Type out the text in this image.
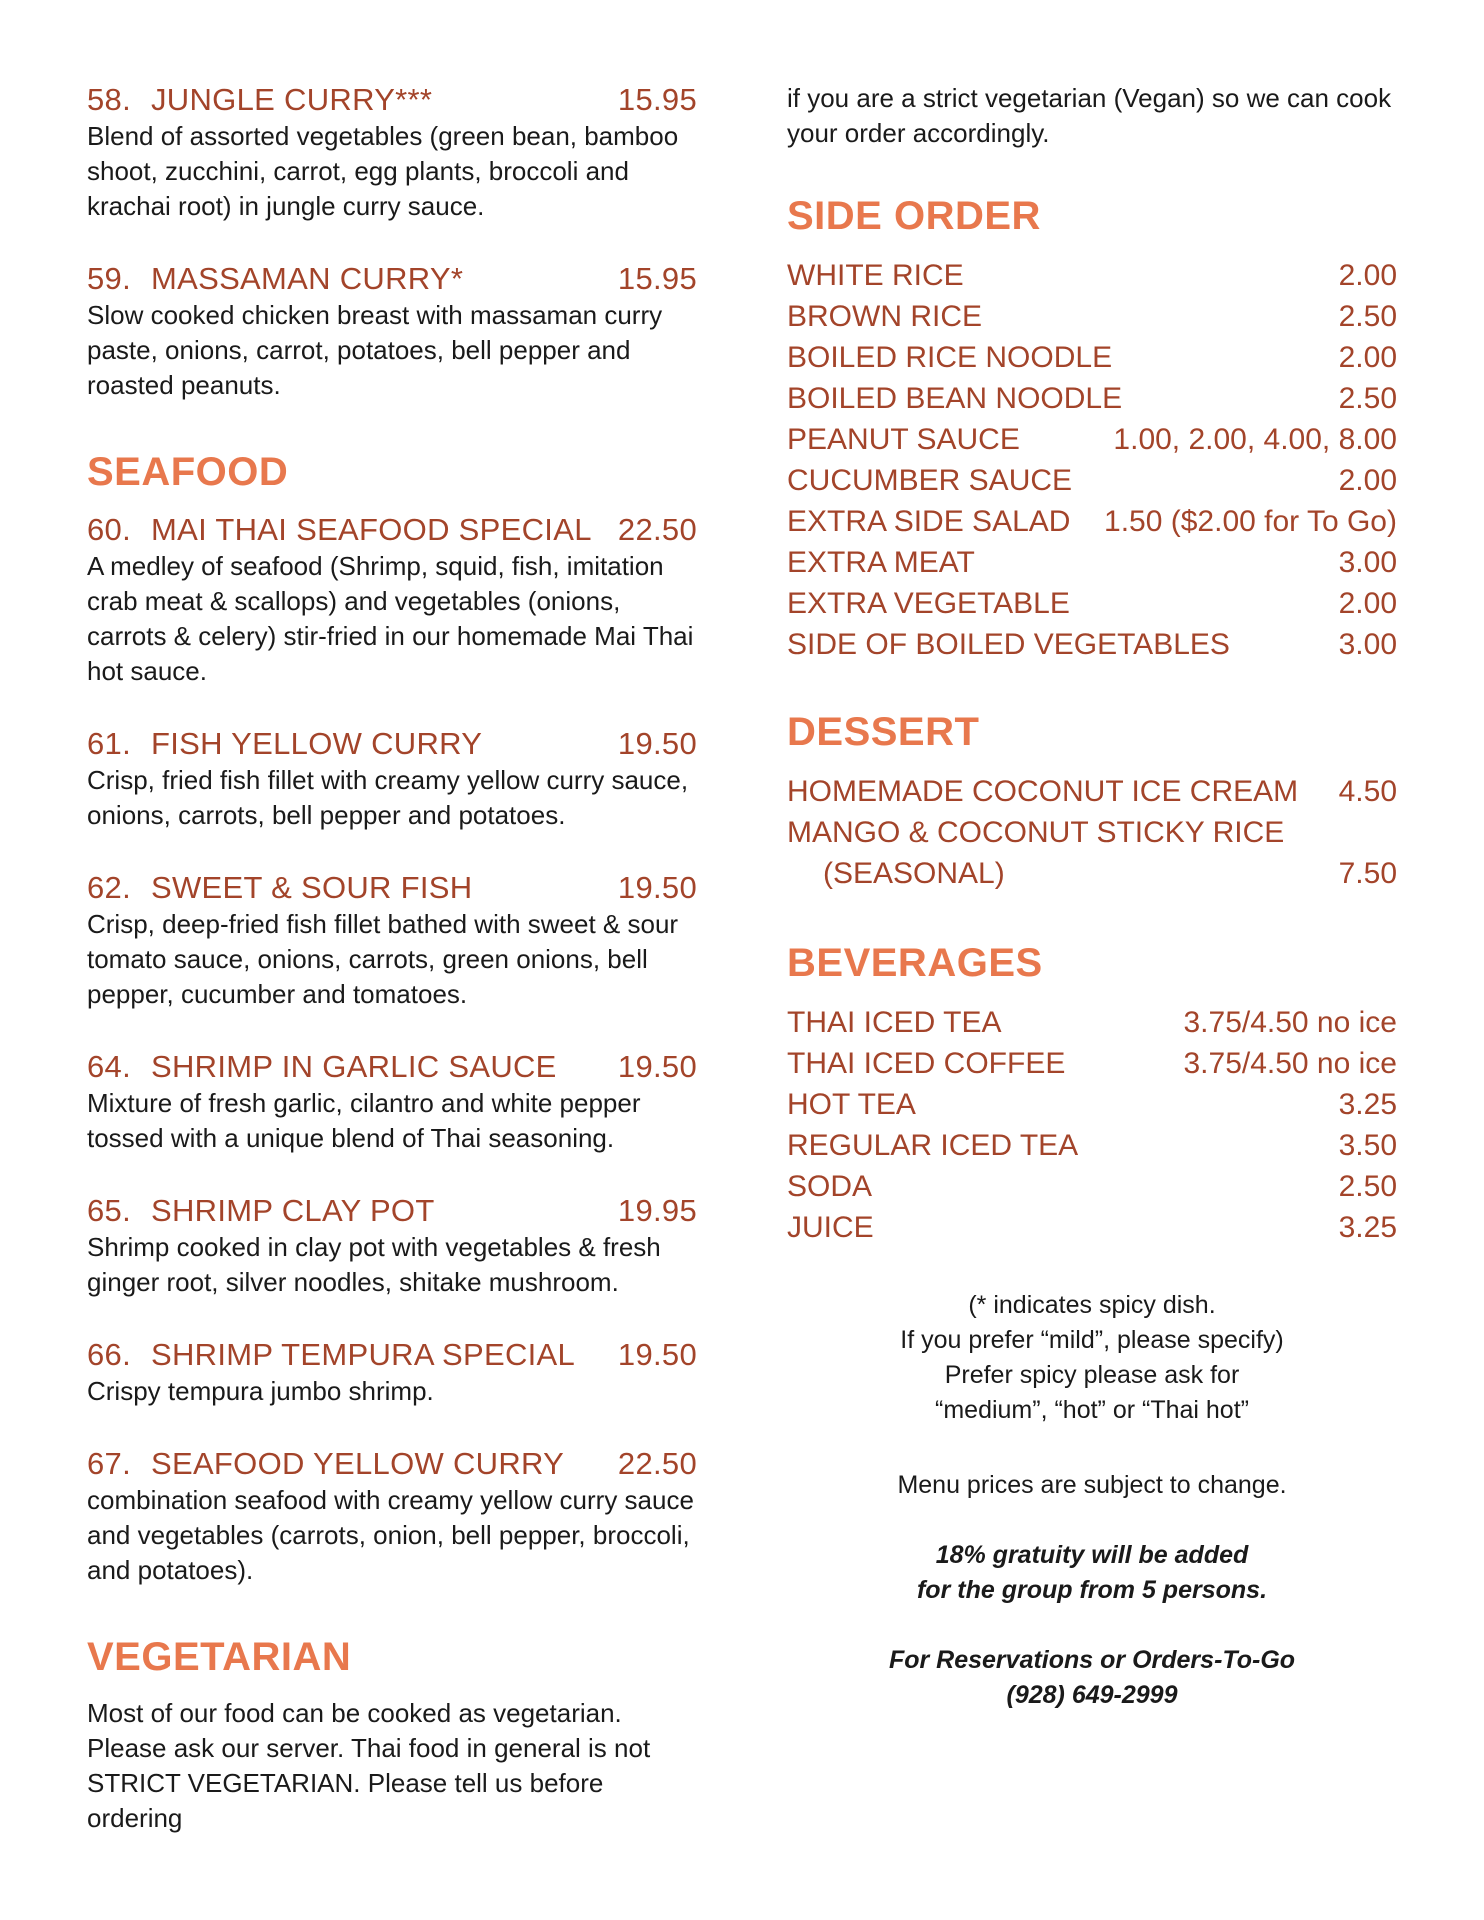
58. JUNGLE CURRY***	15.95
Blend of assorted vegetables (green bean, bamboo shoot, zucchini, carrot, egg plants, broccoli and krachai root) in jungle curry sauce.
59. MASSAMAN CURRY*	15.95
Slow cooked chicken breast with massaman curry paste, onions, carrot, potatoes, bell pepper and roasted peanuts.
SEAFOOD
60. MAI THAI SEAFOOD SPECIAL 22.50
A medley of seafood (Shrimp, squid, fish, imitation crab meat & scallops) and vegetables (onions, carrots & celery) stir-fried in our homemade Mai Thai hot sauce.
61. FISH YELLOW CURRY	19.50
Crisp, fried fish fillet with creamy yellow curry sauce, onions, carrots, bell pepper and potatoes.
62. SWEET & SOUR FISH	19.50
Crisp, deep-fried fish fillet bathed with sweet & sour tomato sauce, onions, carrots, green onions, bell pepper, cucumber and tomatoes.
64. SHRIMP IN GARLIC SAUCE 19.50
Mixture of fresh garlic, cilantro and white pepper tossed with a unique blend of Thai seasoning.
65. SHRIMP CLAY POT	19.95
Shrimp cooked in clay pot with vegetables & fresh ginger root, silver noodles, shitake mushroom.
66. SHRIMP TEMPURA SPECIAL 19.50
Crispy tempura jumbo shrimp.
67. SEAFOOD YELLOW CURRY 22.50
combination seafood with creamy yellow curry sauce and vegetables (carrots, onion, bell pepper, broccoli, and potatoes).
VEGETARIAN
Most of our food can be cooked as vegetarian. Please ask our server. Thai food in general is not STRICT VEGETARIAN. Please tell us before ordering
if you are a strict vegetarian (Vegan) so we can cook your order accordingly.
SIDE ORDER
WHITE RICE	2.00
BROWN RICE	2.50
BOILED RICE NOODLE	2.00
BOILED BEAN NOODLE	2.50
PEANUT SAUCE	1.00, 2.00, 4.00, 8.00
CUCUMBER SAUCE	2.00
EXTRA SIDE SALAD 1.50 ($2.00 for To Go)
EXTRA MEAT	3.00
EXTRA VEGETABLE	2.00
SIDE OF BOILED VEGETABLES	3.00
DESSERT
HOMEMADE COCONUT ICE CREAM 4.50
MANGO & COCONUT STICKY RICE
(SEASONAL)	7.50
BEVERAGES
THAI ICED TEA	3.75/4.50 no ice
THAI ICED COFFEE	3.75/4.50 no ice
HOT TEA	3.25
REGULAR ICED TEA	3.50
SODA	2.50
JUICE	3.25
(* indicates spicy dish.
If you prefer “mild”, please specify)
Prefer spicy please ask for
“medium”, “hot” or “Thai hot”
Menu prices are subject to change.
18% gratuity will be added
for the group from 5 persons.
For Reservations or Orders-To-Go
(928) 649-2999
